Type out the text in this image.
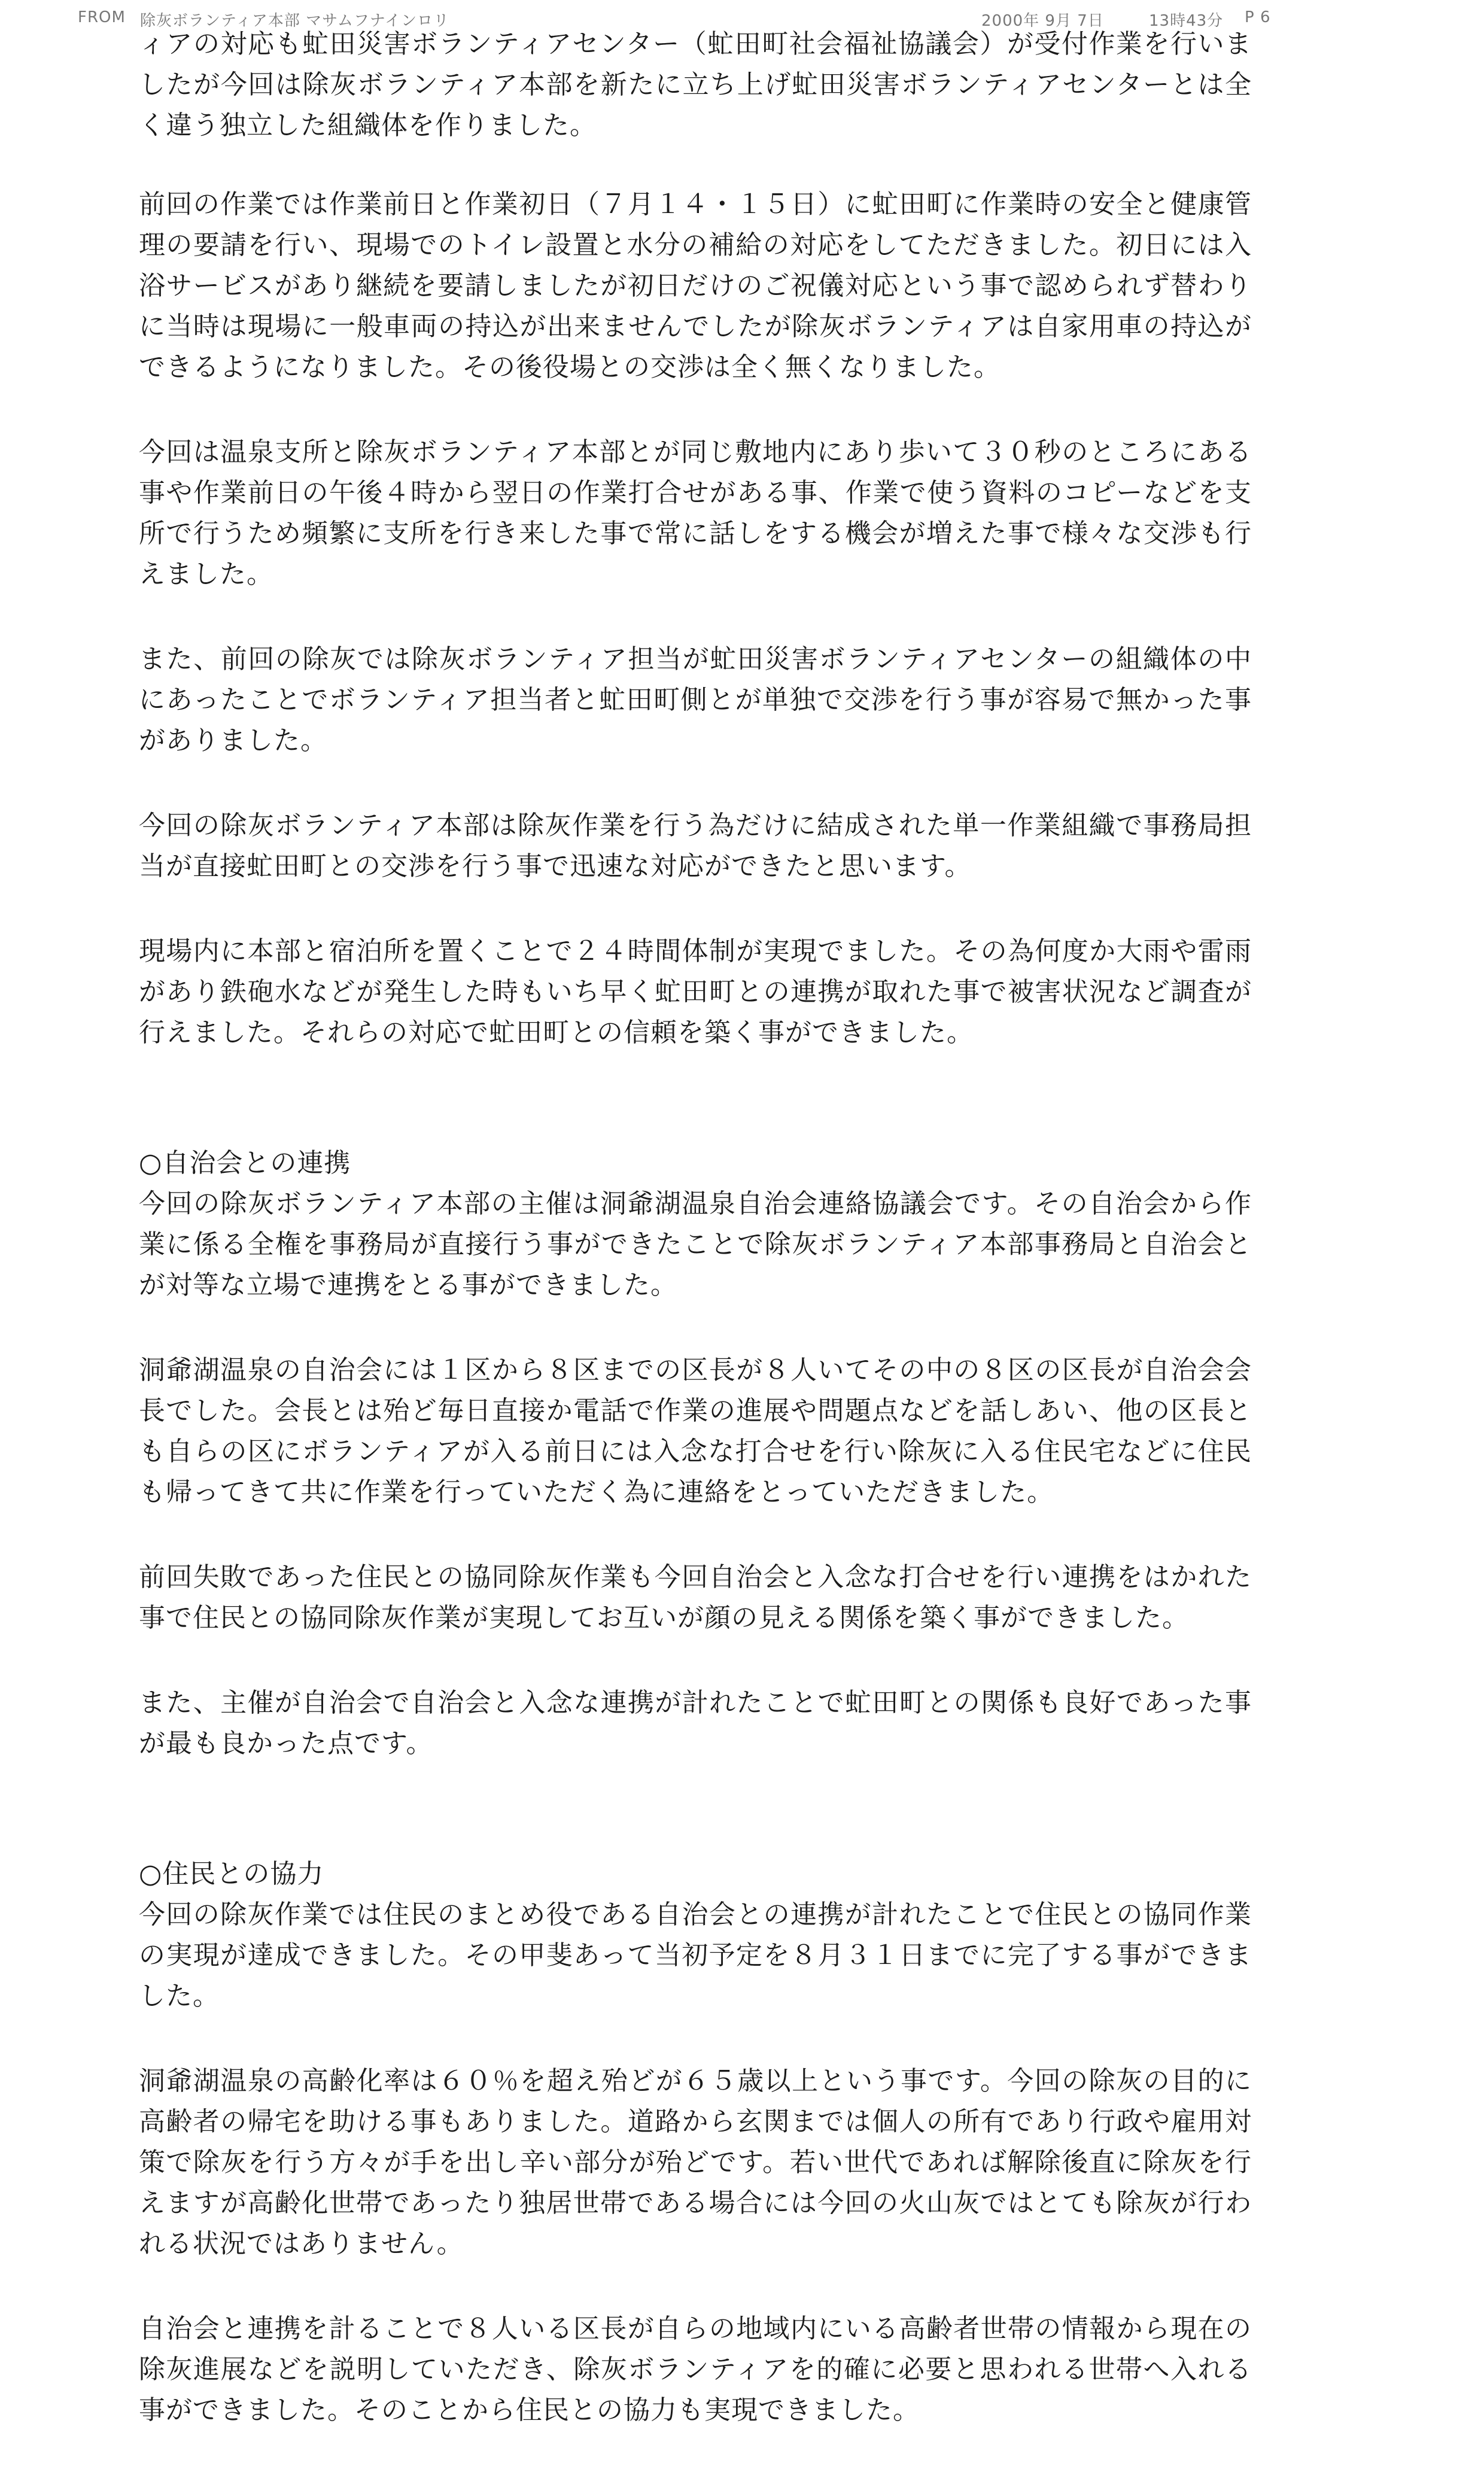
FROM 除灰ボランティア本部 マサムフナインロリ	2000年 9月 7日	13時43分 P 6

ィアの対応も虻田災害ボランティアセンター（虻田町社会福祉協議会）が受付作業を行いましたが今回は除灰ボランティア本部を新たに立ち上げ虻田災害ボランティアセンターとは全く違う独立した組織体を作りました。

前回の作業では作業前日と作業初日（７月１４・１５日）に虻田町に作業時の安全と健康管理の要請を行い、現場でのトイレ設置と水分の補給の対応をしてただきました。初日には入浴サービスがあり継続を要請しましたが初日だけのご祝儀対応という事で認められず替わりに当時は現場に一般車両の持込が出来ませんでしたが除灰ボランティアは自家用車の持込ができるようになりました。その後役場との交渉は全く無くなりました。

今回は温泉支所と除灰ボランティア本部とが同じ敷地内にあり歩いて３０秒のところにある事や作業前日の午後４時から翌日の作業打合せがある事、作業で使う資料のコピーなどを支所で行うため頻繁に支所を行き来した事で常に話しをする機会が増えた事で様々な交渉も行えました。

また、前回の除灰では除灰ボランティア担当が虻田災害ボランティアセンターの組織体の中にあったことでボランティア担当者と虻田町側とが単独で交渉を行う事が容易で無かった事がありました。

今回の除灰ボランティア本部は除灰作業を行う為だけに結成された単一作業組織で事務局担当が直接虻田町との交渉を行う事で迅速な対応ができたと思います。

現場内に本部と宿泊所を置くことで２４時間体制が実現でました。その為何度か大雨や雷雨があり鉄砲水などが発生した時もいち早く虻田町との連携が取れた事で被害状況など調査が行えました。それらの対応で虻田町との信頼を築く事ができました。

○自治会との連携

今回の除灰ボランティア本部の主催は洞爺湖温泉自治会連絡協議会です。その自治会から作業に係る全権を事務局が直接行う事ができたことで除灰ボランティア本部事務局と自治会とが対等な立場で連携をとる事ができました。

洞爺湖温泉の自治会には１区から８区までの区長が８人いてその中の８区の区長が自治会会長でした。会長とは殆ど毎日直接か電話で作業の進展や問題点などを話しあい、他の区長とも自らの区にボランティアが入る前日には入念な打合せを行い除灰に入る住民宅などに住民も帰ってきて共に作業を行っていただく為に連絡をとっていただきました。

前回失敗であった住民との協同除灰作業も今回自治会と入念な打合せを行い連携をはかれた事で住民との協同除灰作業が実現してお互いが顔の見える関係を築く事ができました。

また、主催が自治会で自治会と入念な連携が計れたことで虻田町との関係も良好であった事が最も良かった点です。

○住民との協力

今回の除灰作業では住民のまとめ役である自治会との連携が計れたことで住民との協同作業の実現が達成できました。その甲斐あって当初予定を８月３１日までに完了する事ができました。

洞爺湖温泉の高齢化率は６０％を超え殆どが６５歳以上という事です。今回の除灰の目的に高齢者の帰宅を助ける事もありました。道路から玄関までは個人の所有であり行政や雇用対策で除灰を行う方々が手を出し辛い部分が殆どです。若い世代であれば解除後直に除灰を行えますが高齢化世帯であったり独居世帯である場合には今回の火山灰ではとても除灰が行われる状況ではありません。

自治会と連携を計ることで８人いる区長が自らの地域内にいる高齢者世帯の情報から現在の除灰進展などを説明していただき、除灰ボランティアを的確に必要と思われる世帯へ入れる事ができました。そのことから住民との協力も実現できました。
